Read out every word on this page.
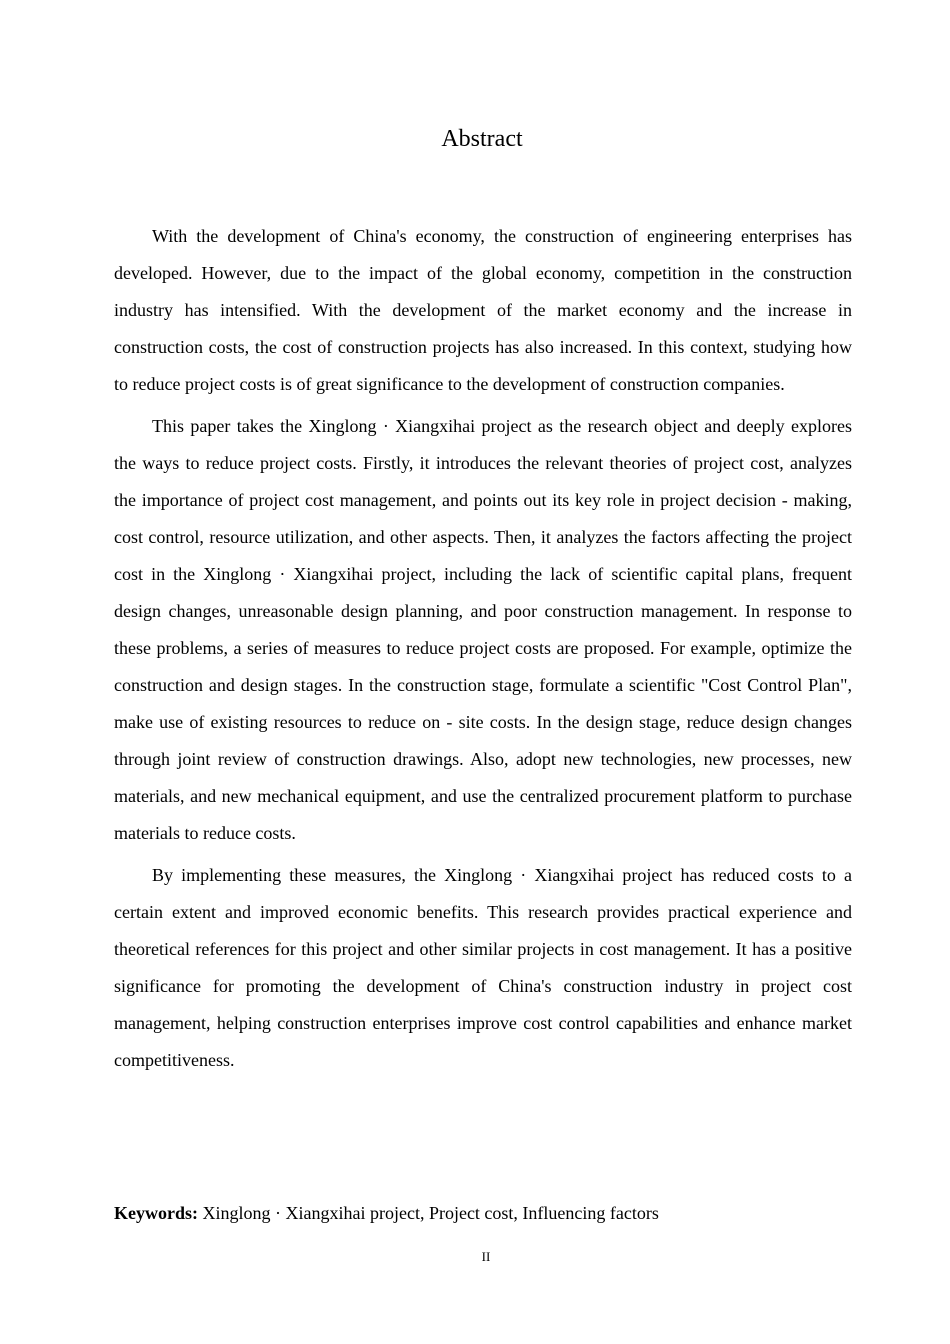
Abstract

With the development of China's economy, the construction of engineering enterprises has developed. However, due to the impact of the global economy, competition in the construction industry has intensified. With the development of the market economy and the increase in construction costs, the cost of construction projects has also increased. In this context, studying how to reduce project costs is of great significance to the development of construction companies.

This paper takes the Xinglong · Xiangxihai project as the research object and deeply explores the ways to reduce project costs. Firstly, it introduces the relevant theories of project cost, analyzes the importance of project cost management, and points out its key role in project decision - making, cost control, resource utilization, and other aspects. Then, it analyzes the factors affecting the project cost in the Xinglong · Xiangxihai project, including the lack of scientific capital plans, frequent design changes, unreasonable design planning, and poor construction management. In response to these problems, a series of measures to reduce project costs are proposed. For example, optimize the construction and design stages. In the construction stage, formulate a scientific "Cost Control Plan", make use of existing resources to reduce on - site costs. In the design stage, reduce design changes through joint review of construction drawings. Also, adopt new technologies, new processes, new materials, and new mechanical equipment, and use the centralized procurement platform to purchase materials to reduce costs.

By implementing these measures, the Xinglong · Xiangxihai project has reduced costs to a certain extent and improved economic benefits. This research provides practical experience and theoretical references for this project and other similar projects in cost management. It has a positive significance for promoting the development of China's construction industry in project cost management, helping construction enterprises improve cost control capabilities and enhance market competitiveness.

Keywords: Xinglong · Xiangxihai project, Project cost, Influencing factors

II
